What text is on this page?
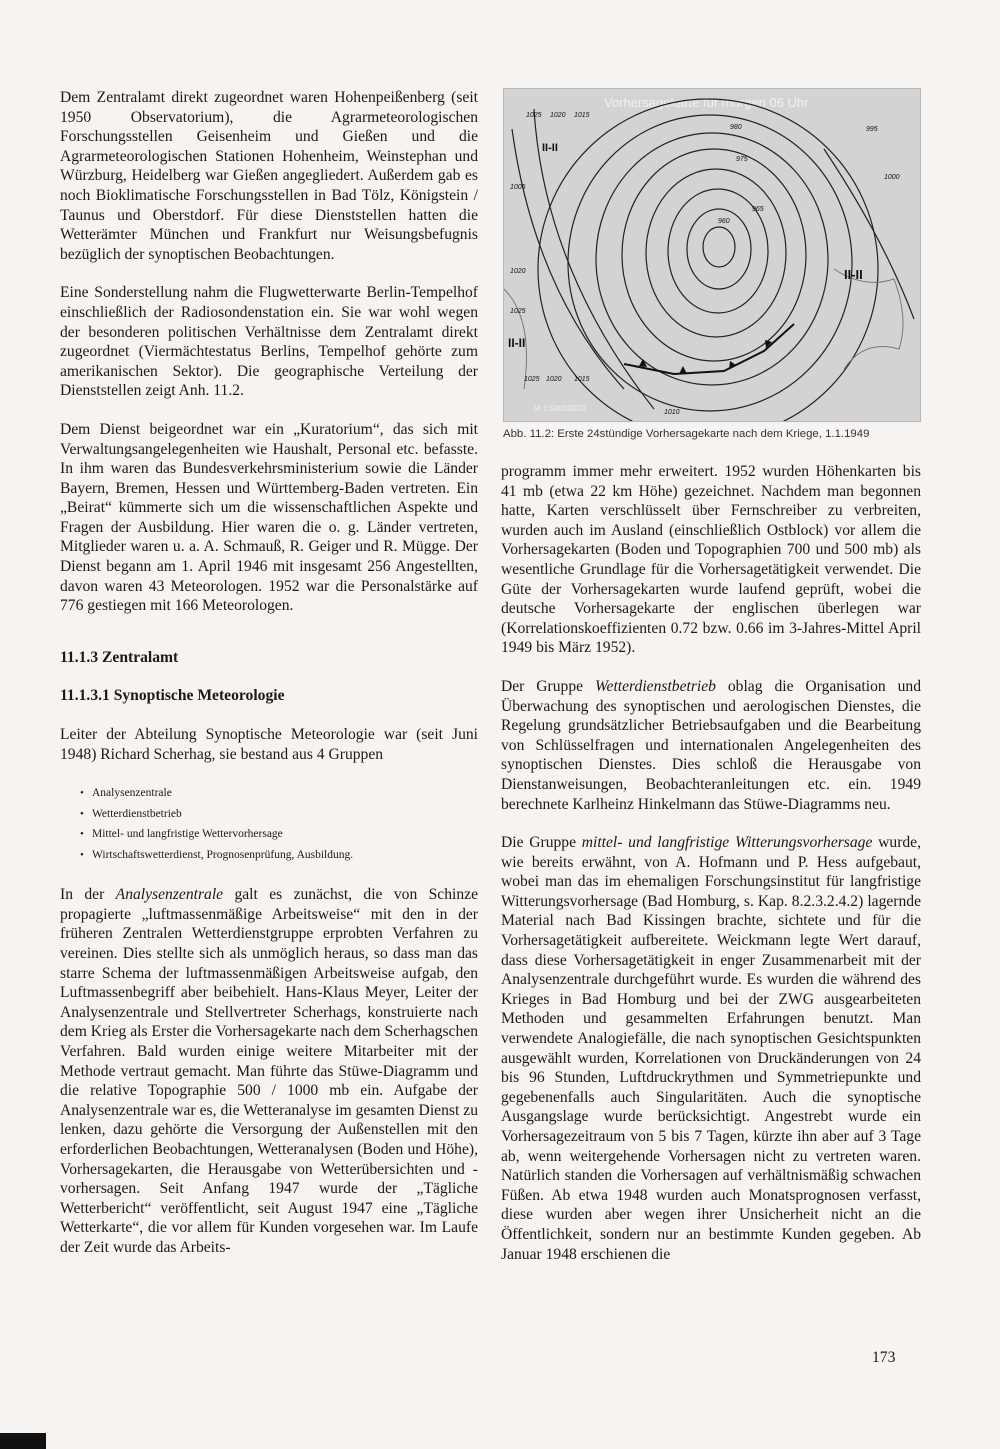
Dem Zentralamt direkt zugeordnet waren Hohenpeißenberg (seit 1950 Observatorium), die Agrarmeteorologischen Forschungsstellen Geisenheim und Gießen und die Agrarmeteorologischen Stationen Hohenheim, Weinstephan und Würzburg, Heidelberg war Gießen angegliedert. Außerdem gab es noch Bioklimatische Forschungsstellen in Bad Tölz, Königstein / Taunus und Oberstdorf. Für diese Dienststellen hatten die Wetterämter München und Frankfurt nur Weisungsbefugnis bezüglich der synoptischen Beobachtungen.

Eine Sonderstellung nahm die Flugwetterwarte Berlin-Tempelhof einschließlich der Radiosondenstation ein. Sie war wohl wegen der besonderen politischen Verhältnisse dem Zentralamt direkt zugeordnet (Viermächtestatus Berlins, Tempelhof gehörte zum amerikanischen Sektor). Die geographische Verteilung der Dienststellen zeigt Anh. 11.2.

Dem Dienst beigeordnet war ein „Kuratorium“, das sich mit Verwaltungsangelegenheiten wie Haushalt, Personal etc. befasste. In ihm waren das Bundesverkehrsministerium sowie die Länder Bayern, Bremen, Hessen und Württemberg-Baden vertreten. Ein „Beirat“ kümmerte sich um die wissenschaftlichen Aspekte und Fragen der Ausbildung. Hier waren die o. g. Länder vertreten, Mitglieder waren u. a. A. Schmauß, R. Geiger und R. Mügge. Der Dienst begann am 1. April 1946 mit insgesamt 256 Angestellten, davon waren 43 Meteorologen. 1952 war die Personalstärke auf 776 gestiegen mit 166 Meteorologen.

11.1.3 Zentralamt
11.1.3.1 Synoptische Meteorologie

Leiter der Abteilung Synoptische Meteorologie war (seit Juni 1948) Richard Scherhag, sie bestand aus 4 Gruppen

• Analysenzentrale
• Wetterdienstbetrieb
• Mittel- und langfristige Wettervorhersage
• Wirtschaftswetterdienst, Prognosenprüfung, Ausbildung.

In der Analysenzentrale galt es zunächst, die von Schinze propagierte „luftmassenmäßige Arbeitsweise“ mit den in der früheren Zentralen Wetterdienstgruppe erprobten Verfahren zu vereinen. Dies stellte sich als unmöglich heraus, so dass man das starre Schema der luftmassenmäßigen Arbeitsweise aufgab, den Luftmassenbegriff aber beibehielt. Hans-Klaus Meyer, Leiter der Analysenzentrale und Stellvertreter Scherhags, konstruierte nach dem Krieg als Erster die Vorhersagekarte nach dem Scherhagschen Verfahren. Bald wurden einige weitere Mitarbeiter mit der Methode vertraut gemacht. Man führte das Stüwe-Diagramm und die relative Topographie 500 / 1000 mb ein. Aufgabe der Analysenzentrale war es, die Wetteranalyse im gesamten Dienst zu lenken, dazu gehörte die Versorgung der Außenstellen mit den erforderlichen Beobachtungen, Wetteranalysen (Boden und Höhe), Vorhersagekarten, die Herausgabe von Wetterübersichten und -vorhersagen. Seit Anfang 1947 wurde der „Tägliche Wetterbericht“ veröffentlicht, seit August 1947 eine „Tägliche Wetterkarte“, die vor allem für Kunden vorgesehen war. Im Laufe der Zeit wurde das Arbeits-

Vorhersagekarte für morgen 06 Uhr
II-II
II-II
II-II
1025 1020 1015
1010
1005
1000
995
960
965
975
980
1020
1025	1015
1020
1025
M 1:50000000
Abb. 11.2: Erste 24stündige Vorhersagekarte nach dem Kriege, 1.1.1949

programm immer mehr erweitert. 1952 wurden Höhenkarten bis 41 mb (etwa 22 km Höhe) gezeichnet. Nachdem man begonnen hatte, Karten verschlüsselt über Fernschreiber zu verbreiten, wurden auch im Ausland (einschließlich Ostblock) vor allem die Vorhersagekarten (Boden und Topographien 700 und 500 mb) als wesentliche Grundlage für die Vorhersagetätigkeit verwendet. Die Güte der Vorhersagekarten wurde laufend geprüft, wobei die deutsche Vorhersagekarte der englischen überlegen war (Korrelationskoeffizienten 0.72 bzw. 0.66 im 3-Jahres-Mittel April 1949 bis März 1952).

Der Gruppe Wetterdienstbetrieb oblag die Organisation und Überwachung des synoptischen und aerologischen Dienstes, die Regelung grundsätzlicher Betriebsaufgaben und die Bearbeitung von Schlüsselfragen und internationalen Angelegenheiten des synoptischen Dienstes. Dies schloß die Herausgabe von Dienstanweisungen, Beobachteranleitungen etc. ein. 1949 berechnete Karlheinz Hinkelmann das Stüwe-Diagramms neu.

Die Gruppe mittel- und langfristige Witterungsvorhersage wurde, wie bereits erwähnt, von A. Hofmann und P. Hess aufgebaut, wobei man das im ehemaligen Forschungsinstitut für langfristige Witterungsvorhersage (Bad Homburg, s. Kap. 8.2.3.2.4.2) lagernde Material nach Bad Kissingen brachte, sichtete und für die Vorhersagetätigkeit aufbereitete. Weickmann legte Wert darauf, dass diese Vorhersagetätigkeit in enger Zusammenarbeit mit der Analysenzentrale durchgeführt wurde. Es wurden die während des Krieges in Bad Homburg und bei der ZWG ausgearbeiteten Methoden und gesammelten Erfahrungen benutzt. Man verwendete Analogiefälle, die nach synoptischen Gesichtspunkten ausgewählt wurden, Korrelationen von Druckänderungen von 24 bis 96 Stunden, Luftdruckrythmen und Symmetriepunkte und gegebenenfalls auch Singularitäten. Auch die synoptische Ausgangslage wurde berücksichtigt. Angestrebt wurde ein Vorhersagezeitraum von 5 bis 7 Tagen, kürzte ihn aber auf 3 Tage ab, wenn weitergehende Vorhersagen nicht zu vertreten waren. Natürlich standen die Vorhersagen auf verhältnismäßig schwachen Füßen. Ab etwa 1948 wurden auch Monatsprognosen verfasst, diese wurden aber wegen ihrer Unsicherheit nicht an die Öffentlichkeit, sondern nur an bestimmte Kunden gegeben. Ab Januar 1948 erschienen die

173
